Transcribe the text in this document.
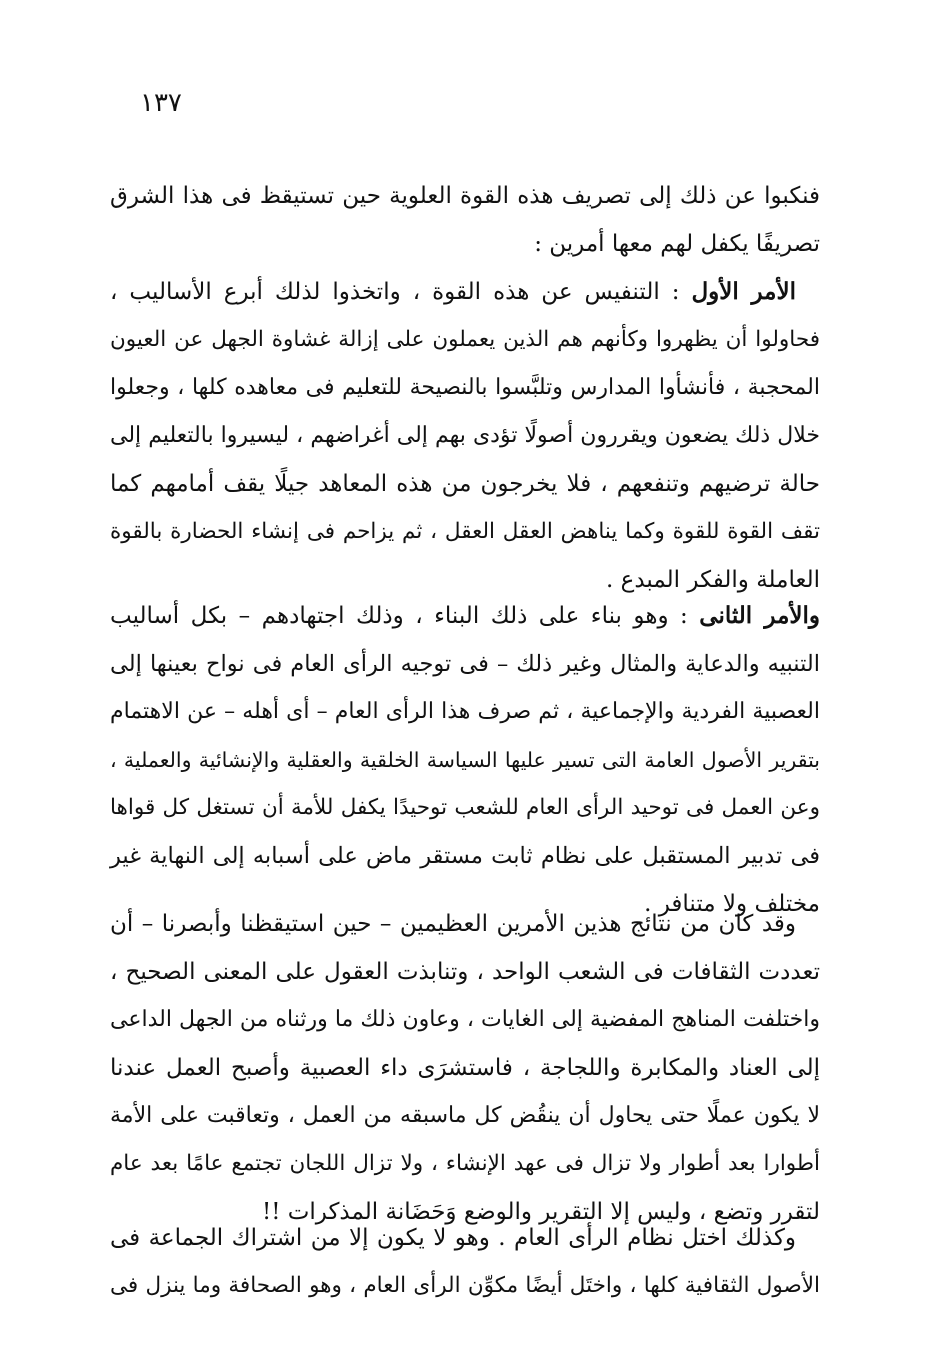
١٣٧
فنكبوا عن ذلك إلى تصريف هذه القوة العلوية حين تستيقظ فى هذا الشرق
تصريفًا يكفل لهم معها أمرين :
الأمر الأول : التنفيس عن هذه القوة ، واتخذوا لذلك أبرع الأساليب ،
فحاولوا أن يظهروا وكأنهم هم الذين يعملون على إزالة غشاوة الجهل عن العيون
المحجبة ، فأنشأوا المدارس وتلبَّسوا بالنصيحة للتعليم فى معاهده كلها ، وجعلوا
خلال ذلك يضعون ويقررون أصولًا تؤدى بهم إلى أغراضهم ، ليسيروا بالتعليم إلى
حالة ترضيهم وتنفعهم ، فلا يخرجون من هذه المعاهد جيلًا يقف أمامهم كما
تقف القوة للقوة وكما يناهض العقل العقل ، ثم يزاحم فى إنشاء الحضارة بالقوة
العاملة والفكر المبدع .
والأمر الثانى : وهو بناء على ذلك البناء ، وذلك اجتهادهم – بكل أساليب
التنبيه والدعاية والمثال وغير ذلك – فى توجيه الرأى العام فى نواح بعينها إلى
العصبية الفردية والإجماعية ، ثم صرف هذا الرأى العام – أى أهله – عن الاهتمام
بتقرير الأصول العامة التى تسير عليها السياسة الخلقية والعقلية والإنشائية والعملية ،
وعن العمل فى توحيد الرأى العام للشعب توحيدًا يكفل للأمة أن تستغل كل قواها
فى تدبير المستقبل على نظام ثابت مستقر ماض على أسبابه إلى النهاية غير
مختلف ولا متنافر .
وقد كان من نتائج هذين الأمرين العظيمين – حين استيقظنا وأبصرنا – أن
تعددت الثقافات فى الشعب الواحد ، وتنابذت العقول على المعنى الصحيح ،
واختلفت المناهج المفضية إلى الغايات ، وعاون ذلك ما ورثناه من الجهل الداعى
إلى العناد والمكابرة واللجاجة ، فاستشرَى داء العصبية وأصبح العمل عندنا
لا يكون عملًا حتى يحاول أن ينقُض كل ماسبقه من العمل ، وتعاقبت على الأمة
أطوارا بعد أطوار ولا تزال فى عهد الإنشاء ، ولا تزال اللجان تجتمع عامًا بعد عام
لتقرر وتضع ، وليس إلا التقرير والوضع وَحَضَانة المذكرات !!
وكذلك اختل نظام الرأى العام . وهو لا يكون إلا من اشتراك الجماعة فى
الأصول الثقافية كلها ، واختَل أيضًا مكوِّن الرأى العام ، وهو الصحافة وما ينزل فى
